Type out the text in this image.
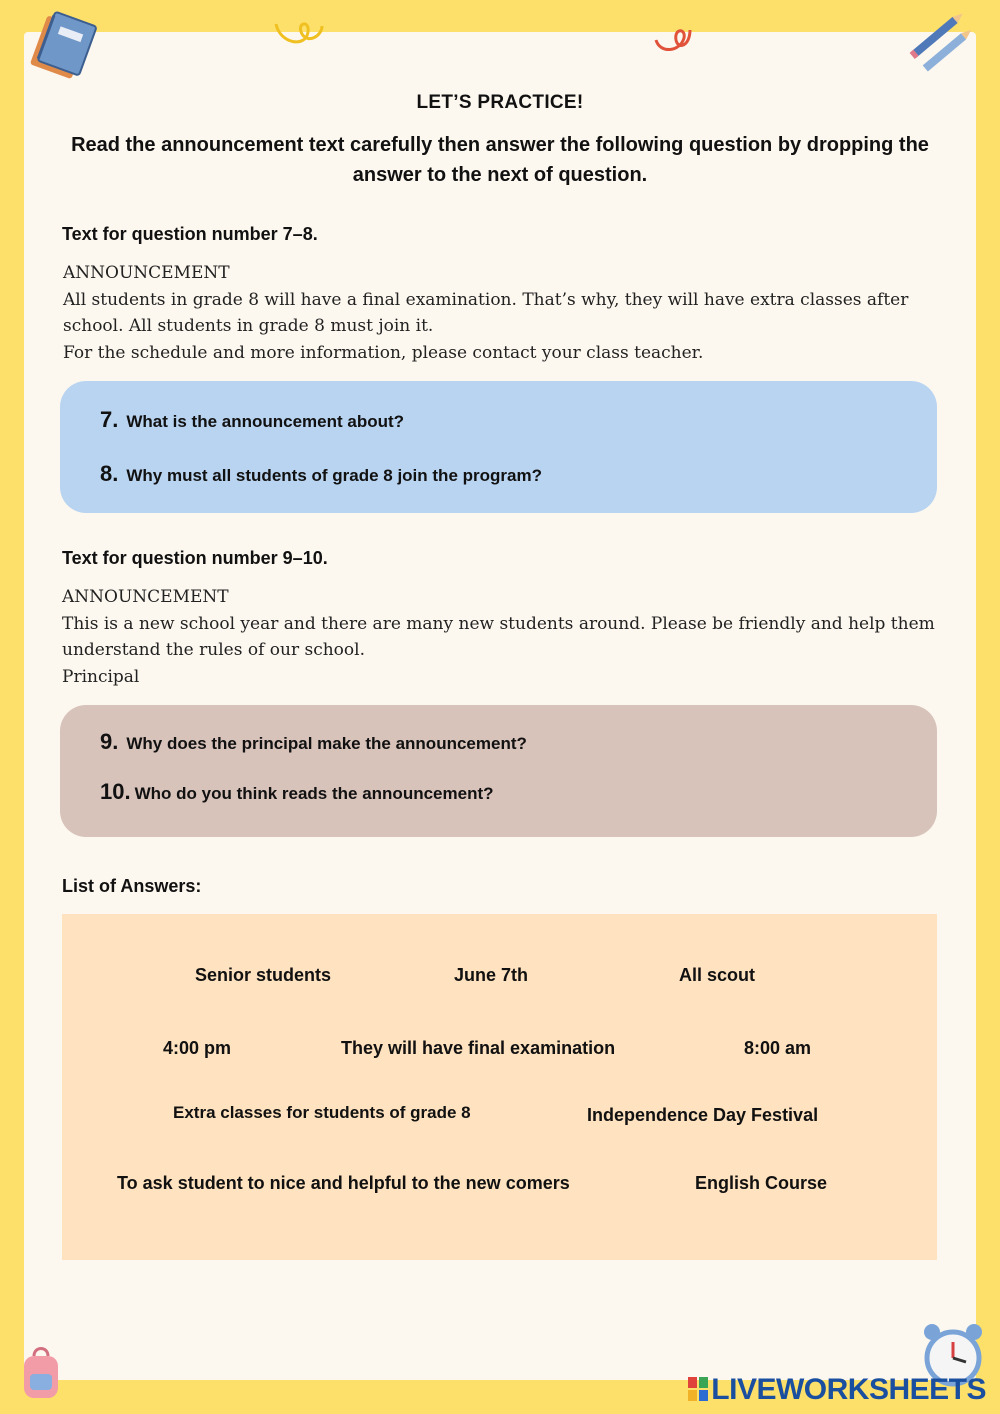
LET’S PRACTICE!
Read the announcement text carefully then answer the following question by dropping the answer to the next of question.
Text for question number 7–8.
ANNOUNCEMENT
All students in grade 8 will have a final examination. That’s why, they will have extra classes after
school. All students in grade 8 must join it.
For the schedule and more information, please contact your class teacher.
7. What is the announcement about?
8. Why must all students of grade 8 join the program?
Text for question number 9–10.
ANNOUNCEMENT
This is a new school year and there are many new students around. Please be friendly and help them
understand the rules of our school.
Principal
9. Why does the principal make the announcement?
10. Who do you think reads the announcement?
List of Answers:
Senior students	June 7th	All scout
4:00 pm	They will have final examination	8:00 am
Extra classes for students of grade 8	Independence Day Festival
To ask student to nice and helpful to the new comers	English Course
LIVEWORKSHEETS
